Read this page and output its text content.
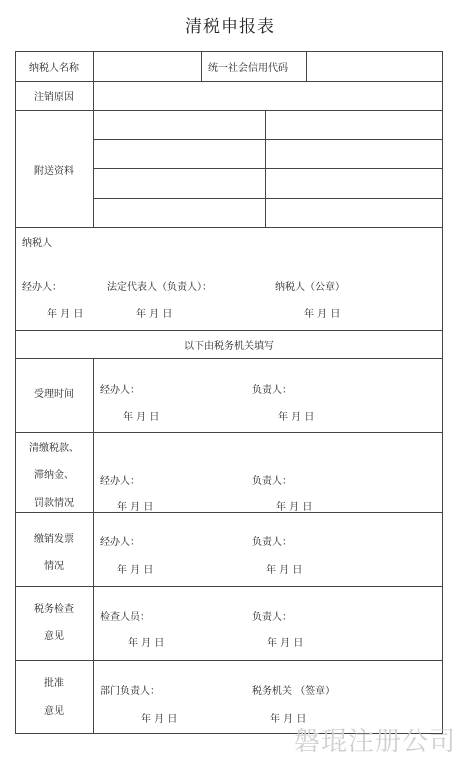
清税申报表
纳税人名称	统一社会信用代码
注销原因
附送资料
纳税人
经办人：	法定代表人（负责人）：	纳税人（公章）
年 月 日	年 月 日	年 月 日
以下由税务机关填写
受理时间	经办人：	负责人：
年 月 日	年 月 日
清缴税款、
滞纳金、
罚款情况
经办人：	负责人：
年 月 日	年 月 日
缴销发票
情况
经办人：	负责人：
年 月 日	年 月 日
税务检查
意见
检查人员：	负责人：
年 月 日	年 月 日
批准
意见
部门负责人：	税务机关 （签章）
年 月 日	年 月 日
磐琨注册公司
